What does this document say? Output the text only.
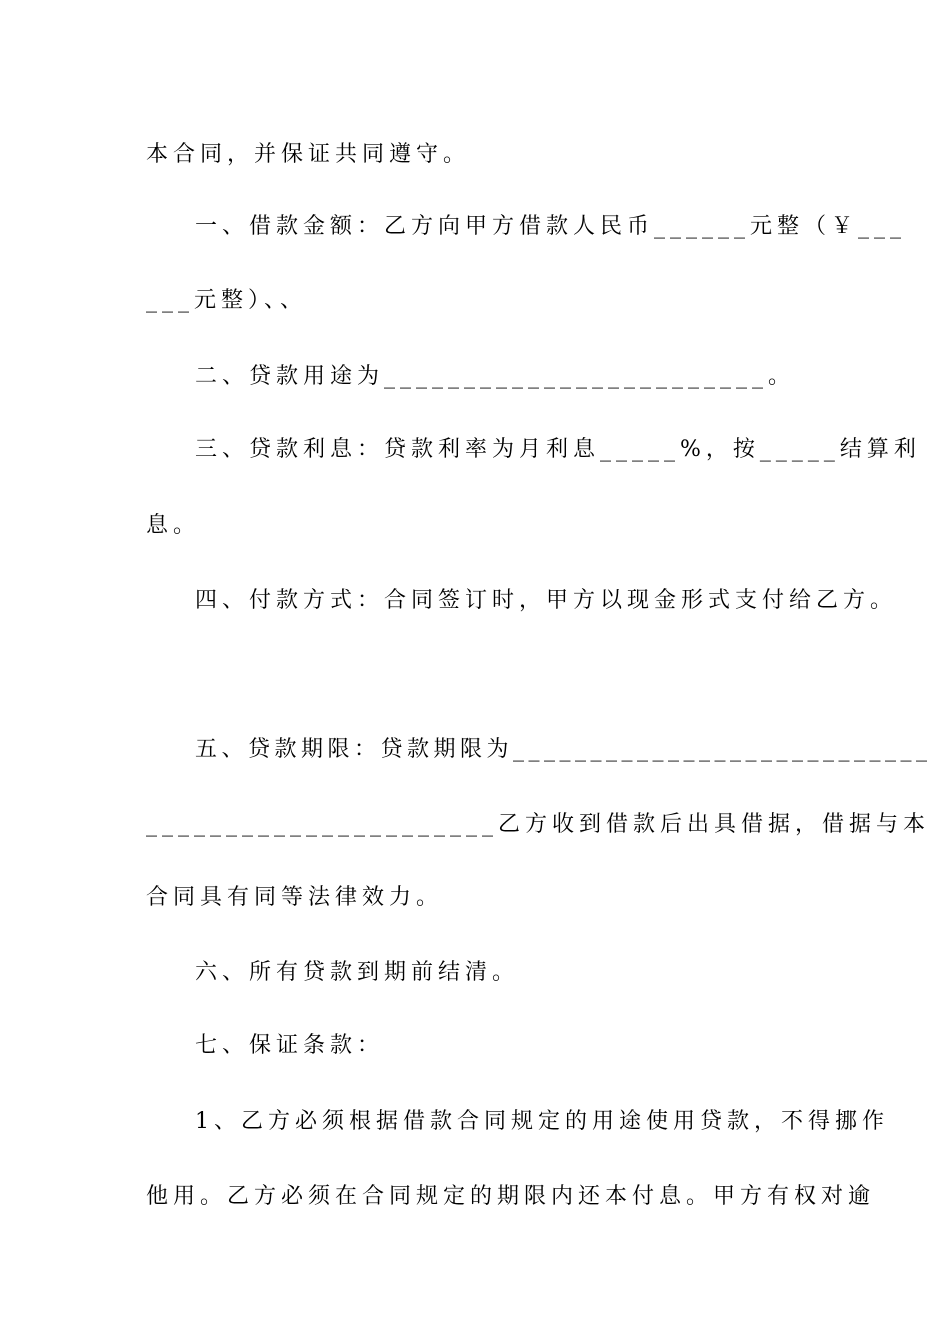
本合同，并保证共同遵守。
一、借款金额：乙方向甲方借款人民币______元整（￥___
___元整）、、
二、贷款用途为________________________。
三、贷款利息：贷款利率为月利息_____%，按_____结算利
息。
四、付款方式：合同签订时，甲方以现金形式支付给乙方。
五、贷款期限：贷款期限为___________________________
______________________乙方收到借款后出具借据，借据与本
合同具有同等法律效力。
六、所有贷款到期前结清。
七、保证条款：
1、乙方必须根据借款合同规定的用途使用贷款，不得挪作
他用。乙方必须在合同规定的期限内还本付息。甲方有权对逾
